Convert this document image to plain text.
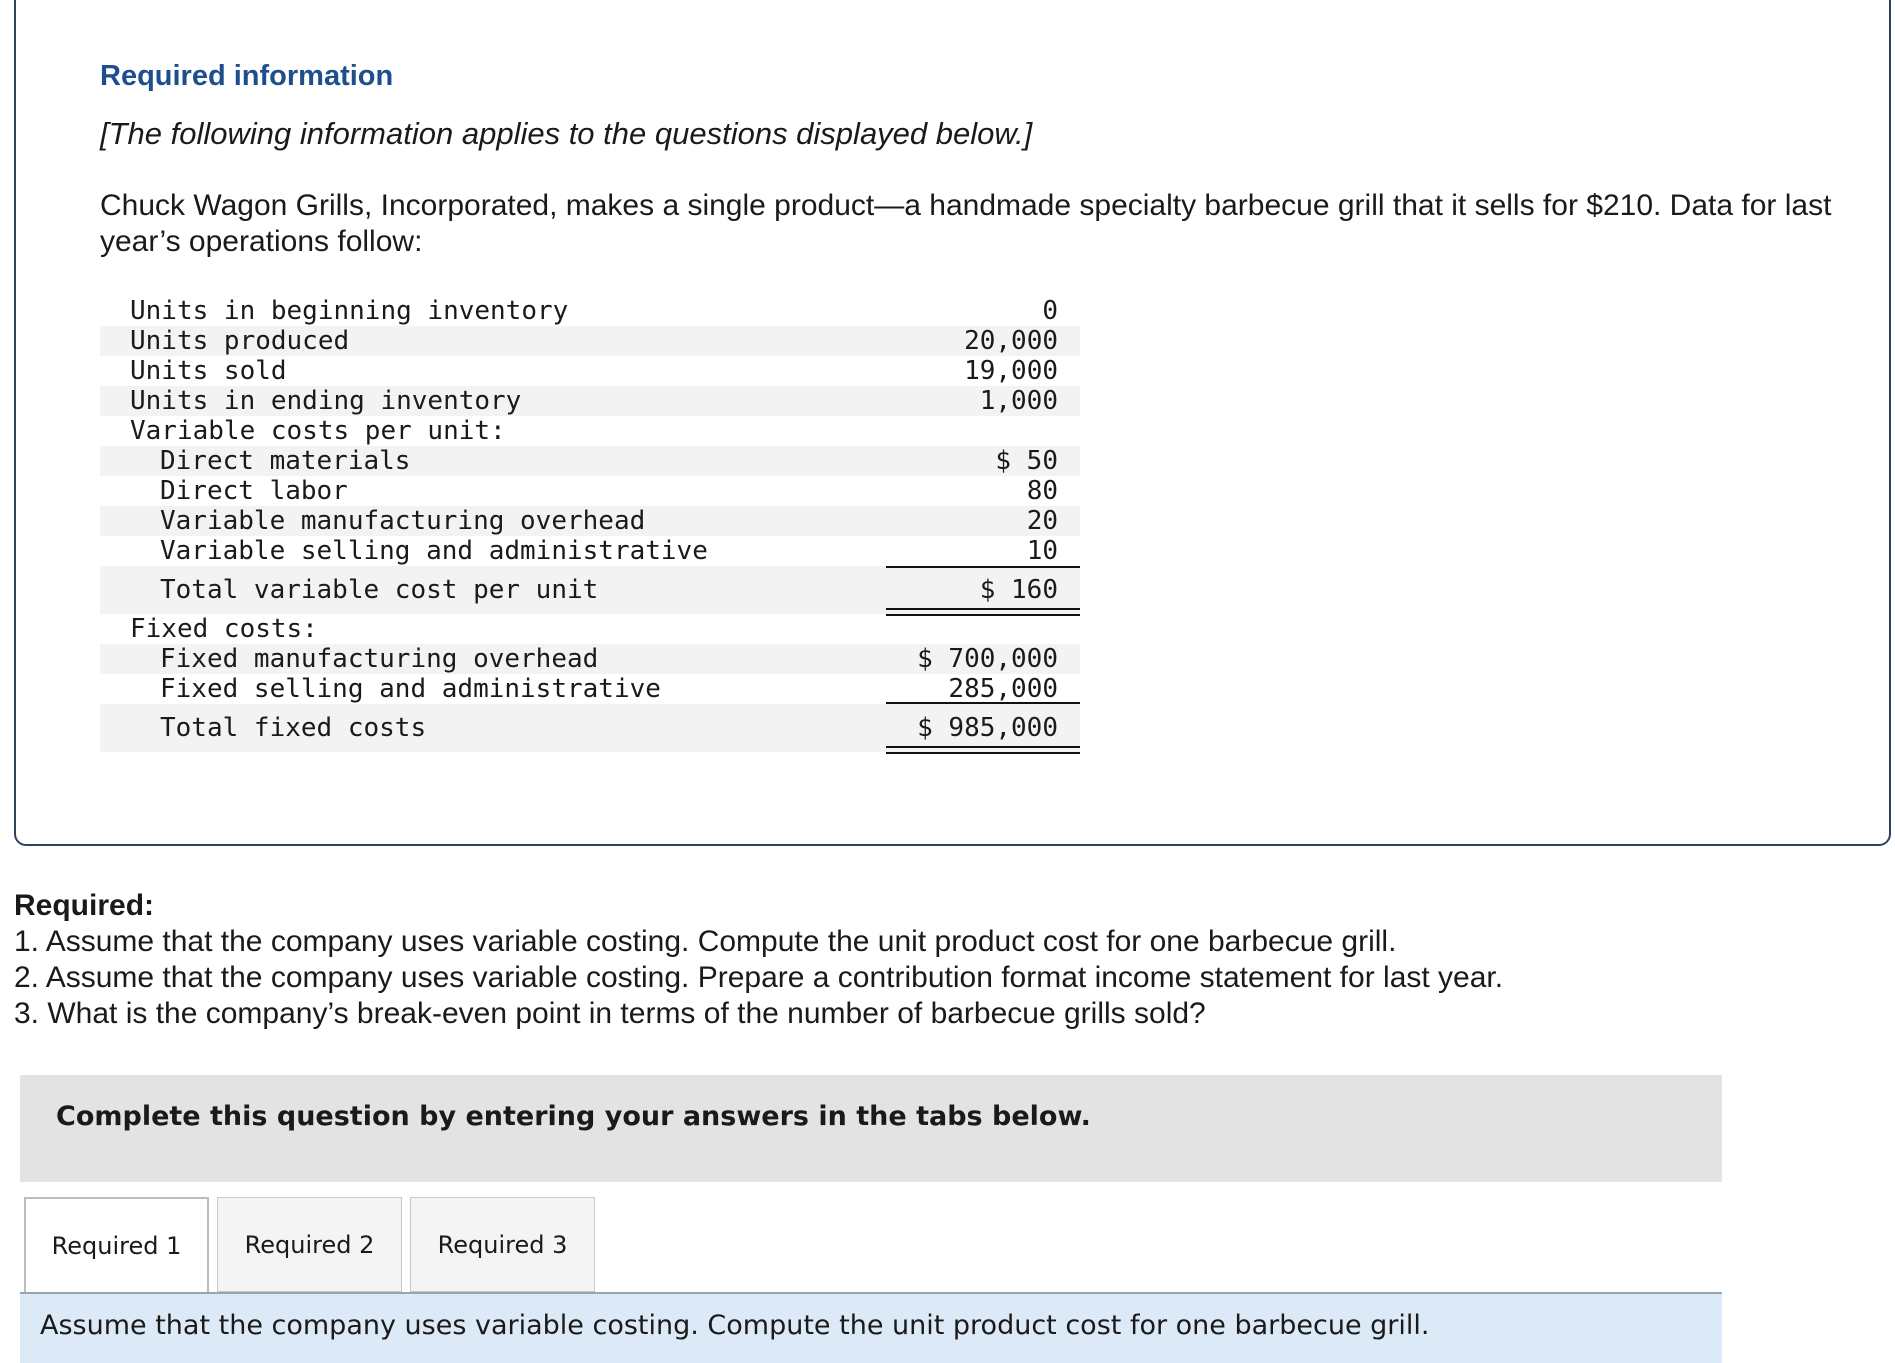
Required information
[The following information applies to the questions displayed below.]
Chuck Wagon Grills, Incorporated, makes a single product—a handmade specialty barbecue grill that it sells for $210. Data for last year’s operations follow:
Units in beginning inventory	0
Units produced	20,000
Units sold	19,000
Units in ending inventory	1,000
Variable costs per unit:
Direct materials	$ 50
Direct labor	80
Variable manufacturing overhead	20
Variable selling and administrative	10
Total variable cost per unit	$ 160
Fixed costs:
Fixed manufacturing overhead	$ 700,000
Fixed selling and administrative	285,000
Total fixed costs	$ 985,000
Required:
1. Assume that the company uses variable costing. Compute the unit product cost for one barbecue grill.
2. Assume that the company uses variable costing. Prepare a contribution format income statement for last year.
3. What is the company’s break-even point in terms of the number of barbecue grills sold?
Complete this question by entering your answers in the tabs below.
Required 1	Required 2	Required 3
Assume that the company uses variable costing. Compute the unit product cost for one barbecue grill.
